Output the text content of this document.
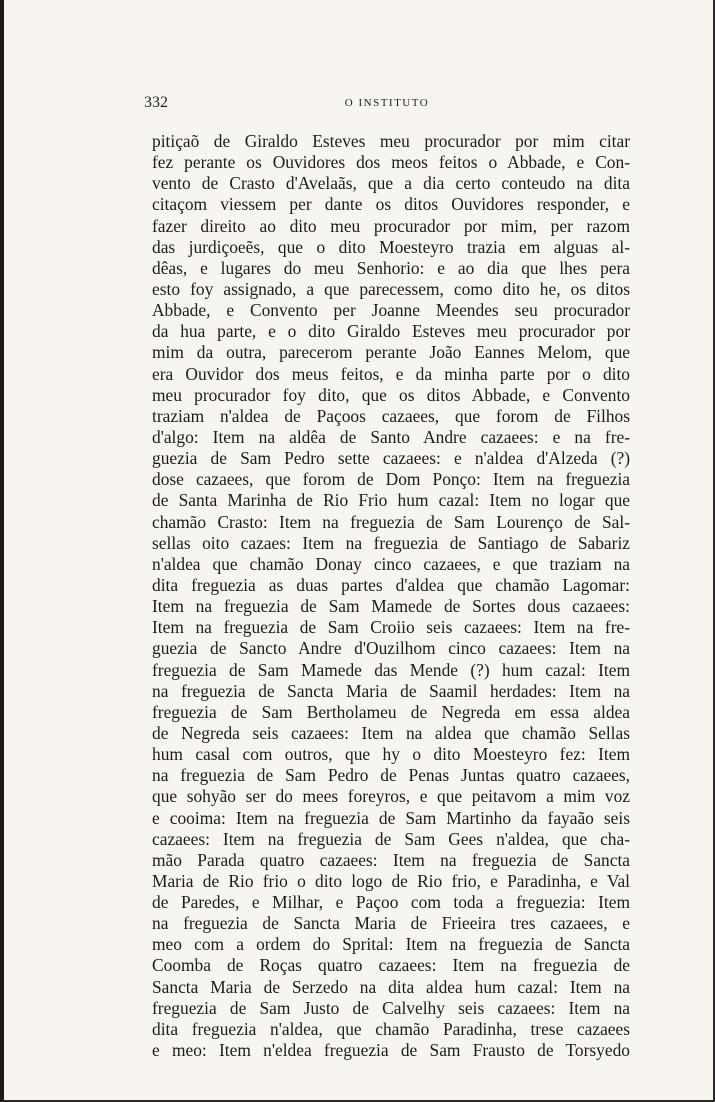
332	O INSTITUTO
pitiçaõ de Giraldo Esteves meu procurador por mim citar
fez perante os Ouvidores dos meos feitos o Abbade, e Con-
vento de Crasto d'Avelaãs, que a dia certo conteudo na dita
citaçom viessem per dante os ditos Ouvidores responder, e
fazer direito ao dito meu procurador por mim, per razom
das jurdiçoeẽs, que o dito Moesteyro trazia em alguas al-
dêas, e lugares do meu Senhorio: e ao dia que lhes pera
esto foy assignado, a que parecessem, como dito he, os ditos
Abbade, e Convento per Joanne Meendes seu procurador
da hua parte, e o dito Giraldo Esteves meu procurador por
mim da outra, parecerom perante João Eannes Melom, que
era Ouvidor dos meus feitos, e da minha parte por o dito
meu procurador foy dito, que os ditos Abbade, e Convento
traziam n'aldea de Paçoos cazaees, que forom de Filhos
d'algo: Item na aldêa de Santo Andre cazaees: e na fre-
guezia de Sam Pedro sette cazaees: e n'aldea d'Alzeda (?)
dose cazaees, que forom de Dom Ponço: Item na freguezia
de Santa Marinha de Rio Frio hum cazal: Item no logar que
chamão Crasto: Item na freguezia de Sam Lourenço de Sal-
sellas oito cazaes: Item na freguezia de Santiago de Sabariz
n'aldea que chamão Donay cinco cazaees, e que traziam na
dita freguezia as duas partes d'aldea que chamão Lagomar:
Item na freguezia de Sam Mamede de Sortes dous cazaees:
Item na freguezia de Sam Croiio seis cazaees: Item na fre-
guezia de Sancto Andre d'Ouzilhom cinco cazaees: Item na
freguezia de Sam Mamede das Mende (?) hum cazal: Item
na freguezia de Sancta Maria de Saamil herdades: Item na
freguezia de Sam Bertholameu de Negreda em essa aldea
de Negreda seis cazaees: Item na aldea que chamão Sellas
hum casal com outros, que hy o dito Moesteyro fez: Item
na freguezia de Sam Pedro de Penas Juntas quatro cazaees,
que sohyão ser do mees foreyros, e que peitavom a mim voz
e cooima: Item na freguezia de Sam Martinho da fayaão seis
cazaees: Item na freguezia de Sam Gees n'aldea, que cha-
mão Parada quatro cazaees: Item na freguezia de Sancta
Maria de Rio frio o dito logo de Rio frio, e Paradinha, e Val
de Paredes, e Milhar, e Paçoo com toda a freguezia: Item
na freguezia de Sancta Maria de Frieeira tres cazaees, e
meo com a ordem do Sprital: Item na freguezia de Sancta
Coomba de Roças quatro cazaees: Item na freguezia de
Sancta Maria de Serzedo na dita aldea hum cazal: Item na
freguezia de Sam Justo de Calvelhy seis cazaees: Item na
dita freguezia n'aldea, que chamão Paradinha, trese cazaees
e meo: Item n'eldea freguezia de Sam Frausto de Torsyedo
